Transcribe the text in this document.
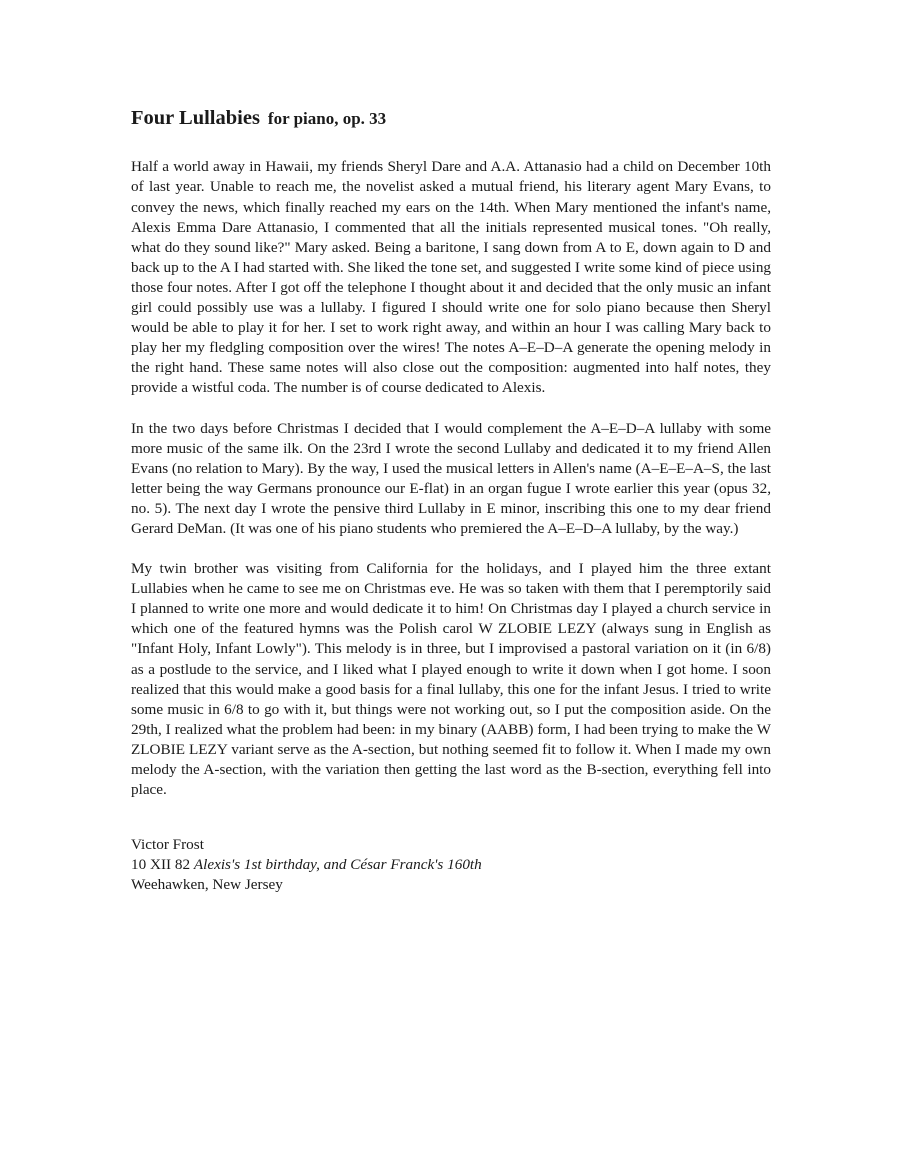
Four Lullabies for piano, op. 33

Half a world away in Hawaii, my friends Sheryl Dare and A.A. Attanasio had a child on December 10th of last year. Unable to reach me, the novelist asked a mutual friend, his literary agent Mary Evans, to convey the news, which finally reached my ears on the 14th. When Mary mentioned the infant's name, Alexis Emma Dare Attanasio, I commented that all the initials represented musical tones. "Oh really, what do they sound like?" Mary asked. Being a baritone, I sang down from A to E, down again to D and back up to the A I had started with. She liked the tone set, and suggested I write some kind of piece using those four notes. After I got off the telephone I thought about it and decided that the only music an infant girl could possibly use was a lullaby. I figured I should write one for solo piano because then Sheryl would be able to play it for her. I set to work right away, and within an hour I was calling Mary back to play her my fledgling composition over the wires! The notes A–E–D–A generate the opening melody in the right hand. These same notes will also close out the composition: augmented into half notes, they provide a wistful coda. The number is of course dedicated to Alexis.

In the two days before Christmas I decided that I would complement the A–E–D–A lullaby with some more music of the same ilk. On the 23rd I wrote the second Lullaby and dedicated it to my friend Allen Evans (no relation to Mary). By the way, I used the musical letters in Allen's name (A–E–E–A–S, the last letter being the way Germans pronounce our E-flat) in an organ fugue I wrote earlier this year (opus 32, no. 5). The next day I wrote the pensive third Lullaby in E minor, inscribing this one to my dear friend Gerard DeMan. (It was one of his piano students who premiered the A–E–D–A lullaby, by the way.)

My twin brother was visiting from California for the holidays, and I played him the three extant Lullabies when he came to see me on Christmas eve. He was so taken with them that I peremptorily said I planned to write one more and would dedicate it to him! On Christmas day I played a church service in which one of the featured hymns was the Polish carol W ZLOBIE LEZY (always sung in English as "Infant Holy, Infant Lowly"). This melody is in three, but I improvised a pastoral variation on it (in 6/8) as a postlude to the service, and I liked what I played enough to write it down when I got home. I soon realized that this would make a good basis for a final lullaby, this one for the infant Jesus. I tried to write some music in 6/8 to go with it, but things were not working out, so I put the composition aside. On the 29th, I realized what the problem had been: in my binary (AABB) form, I had been trying to make the W ZLOBIE LEZY variant serve as the A-section, but nothing seemed fit to follow it. When I made my own melody the A-section, with the variation then getting the last word as the B-section, everything fell into place.

Victor Frost
10 XII 82 Alexis's 1st birthday, and César Franck's 160th
Weehawken, New Jersey
